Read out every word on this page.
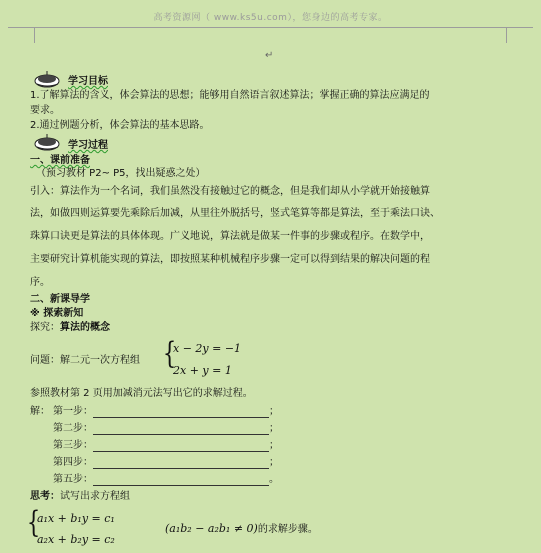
高考资源网（ www.ks5u.com），您身边的高考专家。
↵
学习目标
1.了解算法的含义，体会算法的思想；能够用自然语言叙述算法；掌握正确的算法应满足的
要求。
2.通过例题分析，体会算法的基本思路。
学习过程
一、课前准备
（预习教材 P2~ P5，找出疑惑之处）
引入：算法作为一个名词，我们虽然没有接触过它的概念，但是我们却从小学就开始接触算
法，如做四则运算要先乘除后加减，从里往外脱括号，竖式笔算等都是算法，至于乘法口诀、
珠算口诀更是算法的具体体现。广义地说，算法就是做某一件事的步骤或程序。在数学中，
主要研究计算机能实现的算法，即按照某种机械程序步骤一定可以得到结果的解决问题的程
序。
二、新课导学
※ 探索新知
探究：算法的概念
问题：解二元一次方程组 {
x − 2y = −1
2x + y = 1
参照教材第 2 页用加减消元法写出它的求解过程。
解： 第一步：	；
第二步：	；
第三步：	；
第四步：	；
第五步：	。
思考：试写出求方程组
{
a₁x + b₁y = c₁
a₂x + b₂y = c₂
(a₁b₂ − a₂b₁ ≠ 0)的求解步骤。
